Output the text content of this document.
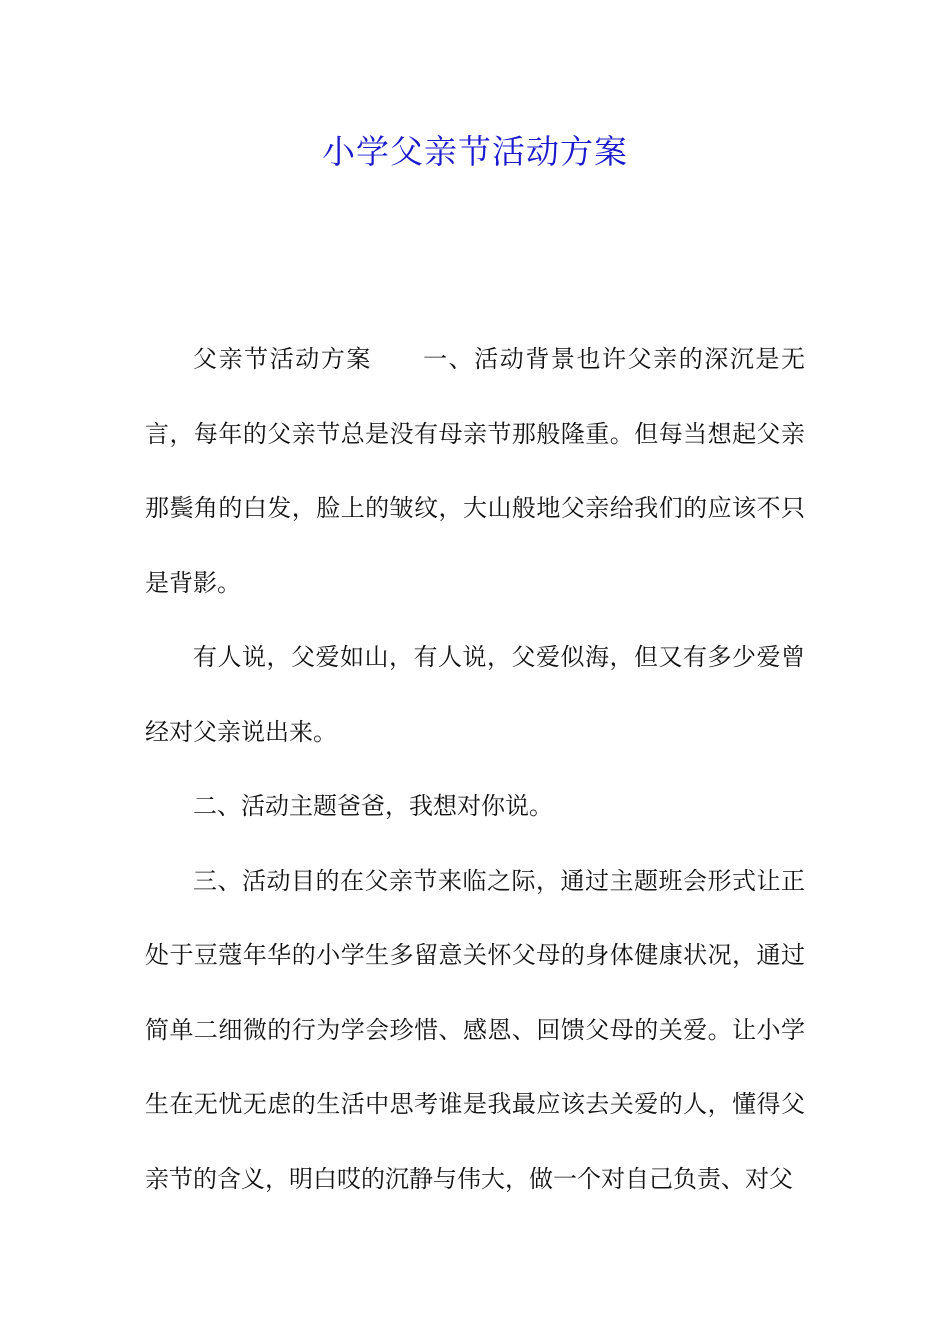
小学父亲节活动方案

父亲节活动方案　　一、活动背景也许父亲的深沉是无言，每年的父亲节总是没有母亲节那般隆重。但每当想起父亲那鬓角的白发，脸上的皱纹，大山般地父亲给我们的应该不只是背影。

有人说，父爱如山，有人说，父爱似海，但又有多少爱曾经对父亲说出来。

二、活动主题爸爸，我想对你说。

三、活动目的在父亲节来临之际，通过主题班会形式让正处于豆蔻年华的小学生多留意关怀父母的身体健康状况，通过简单二细微的行为学会珍惜、感恩、回馈父母的关爱。让小学生在无忧无虑的生活中思考谁是我最应该去关爱的人，懂得父亲节的含义，明白哎的沉静与伟大，做一个对自己负责、对父
